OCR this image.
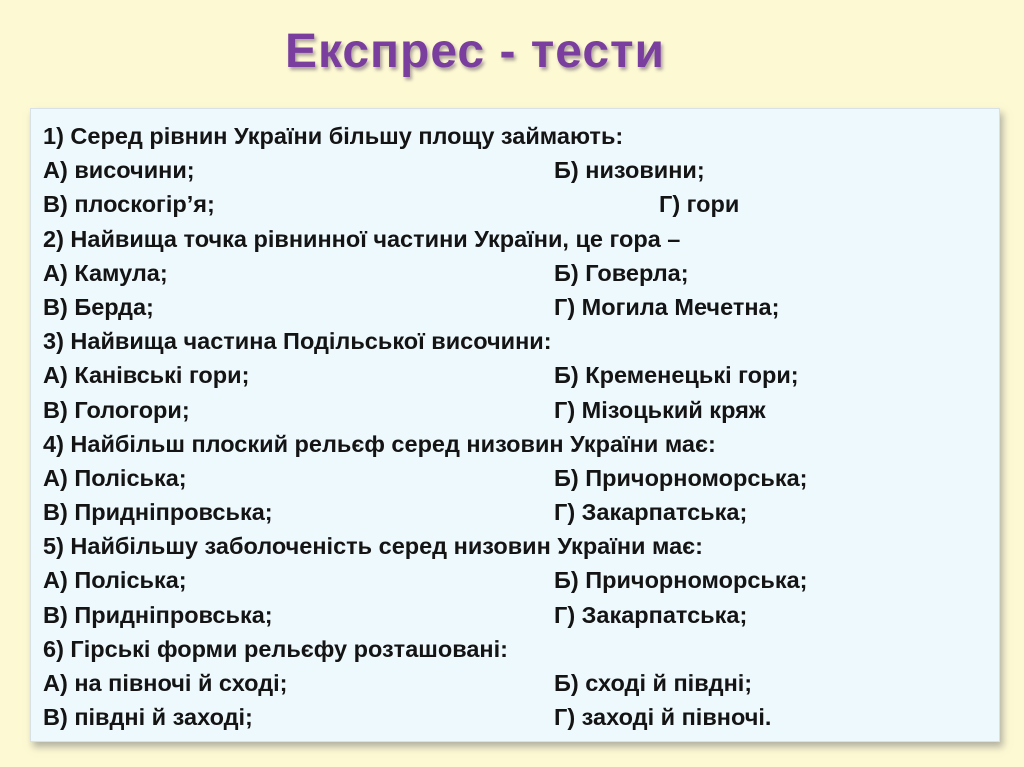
Експрес - тести
1) Серед рівнин України більшу площу займають:
А) височини;	Б) низовини;
В) плоскогір’я;	Г) гори
2) Найвища точка рівнинної частини України, це гора –
А) Камула;	Б) Говерла;
В) Берда;	Г) Могила Мечетна;
3) Найвища частина Подільської височини:
А) Канівські гори;	Б) Кременецькі гори;
В) Гологори;	Г) Мізоцький кряж
4) Найбільш плоский рельєф серед низовин України має:
А) Поліська;	Б) Причорноморська;
В) Придніпровська;	Г) Закарпатська;
5) Найбільшу заболоченість серед низовин України має:
А) Поліська;	Б) Причорноморська;
В) Придніпровська;	Г) Закарпатська;
6) Гірські форми рельєфу розташовані:
А) на півночі й сході;	Б) сході й півдні;
В) півдні й заході;	Г) заході й півночі.
